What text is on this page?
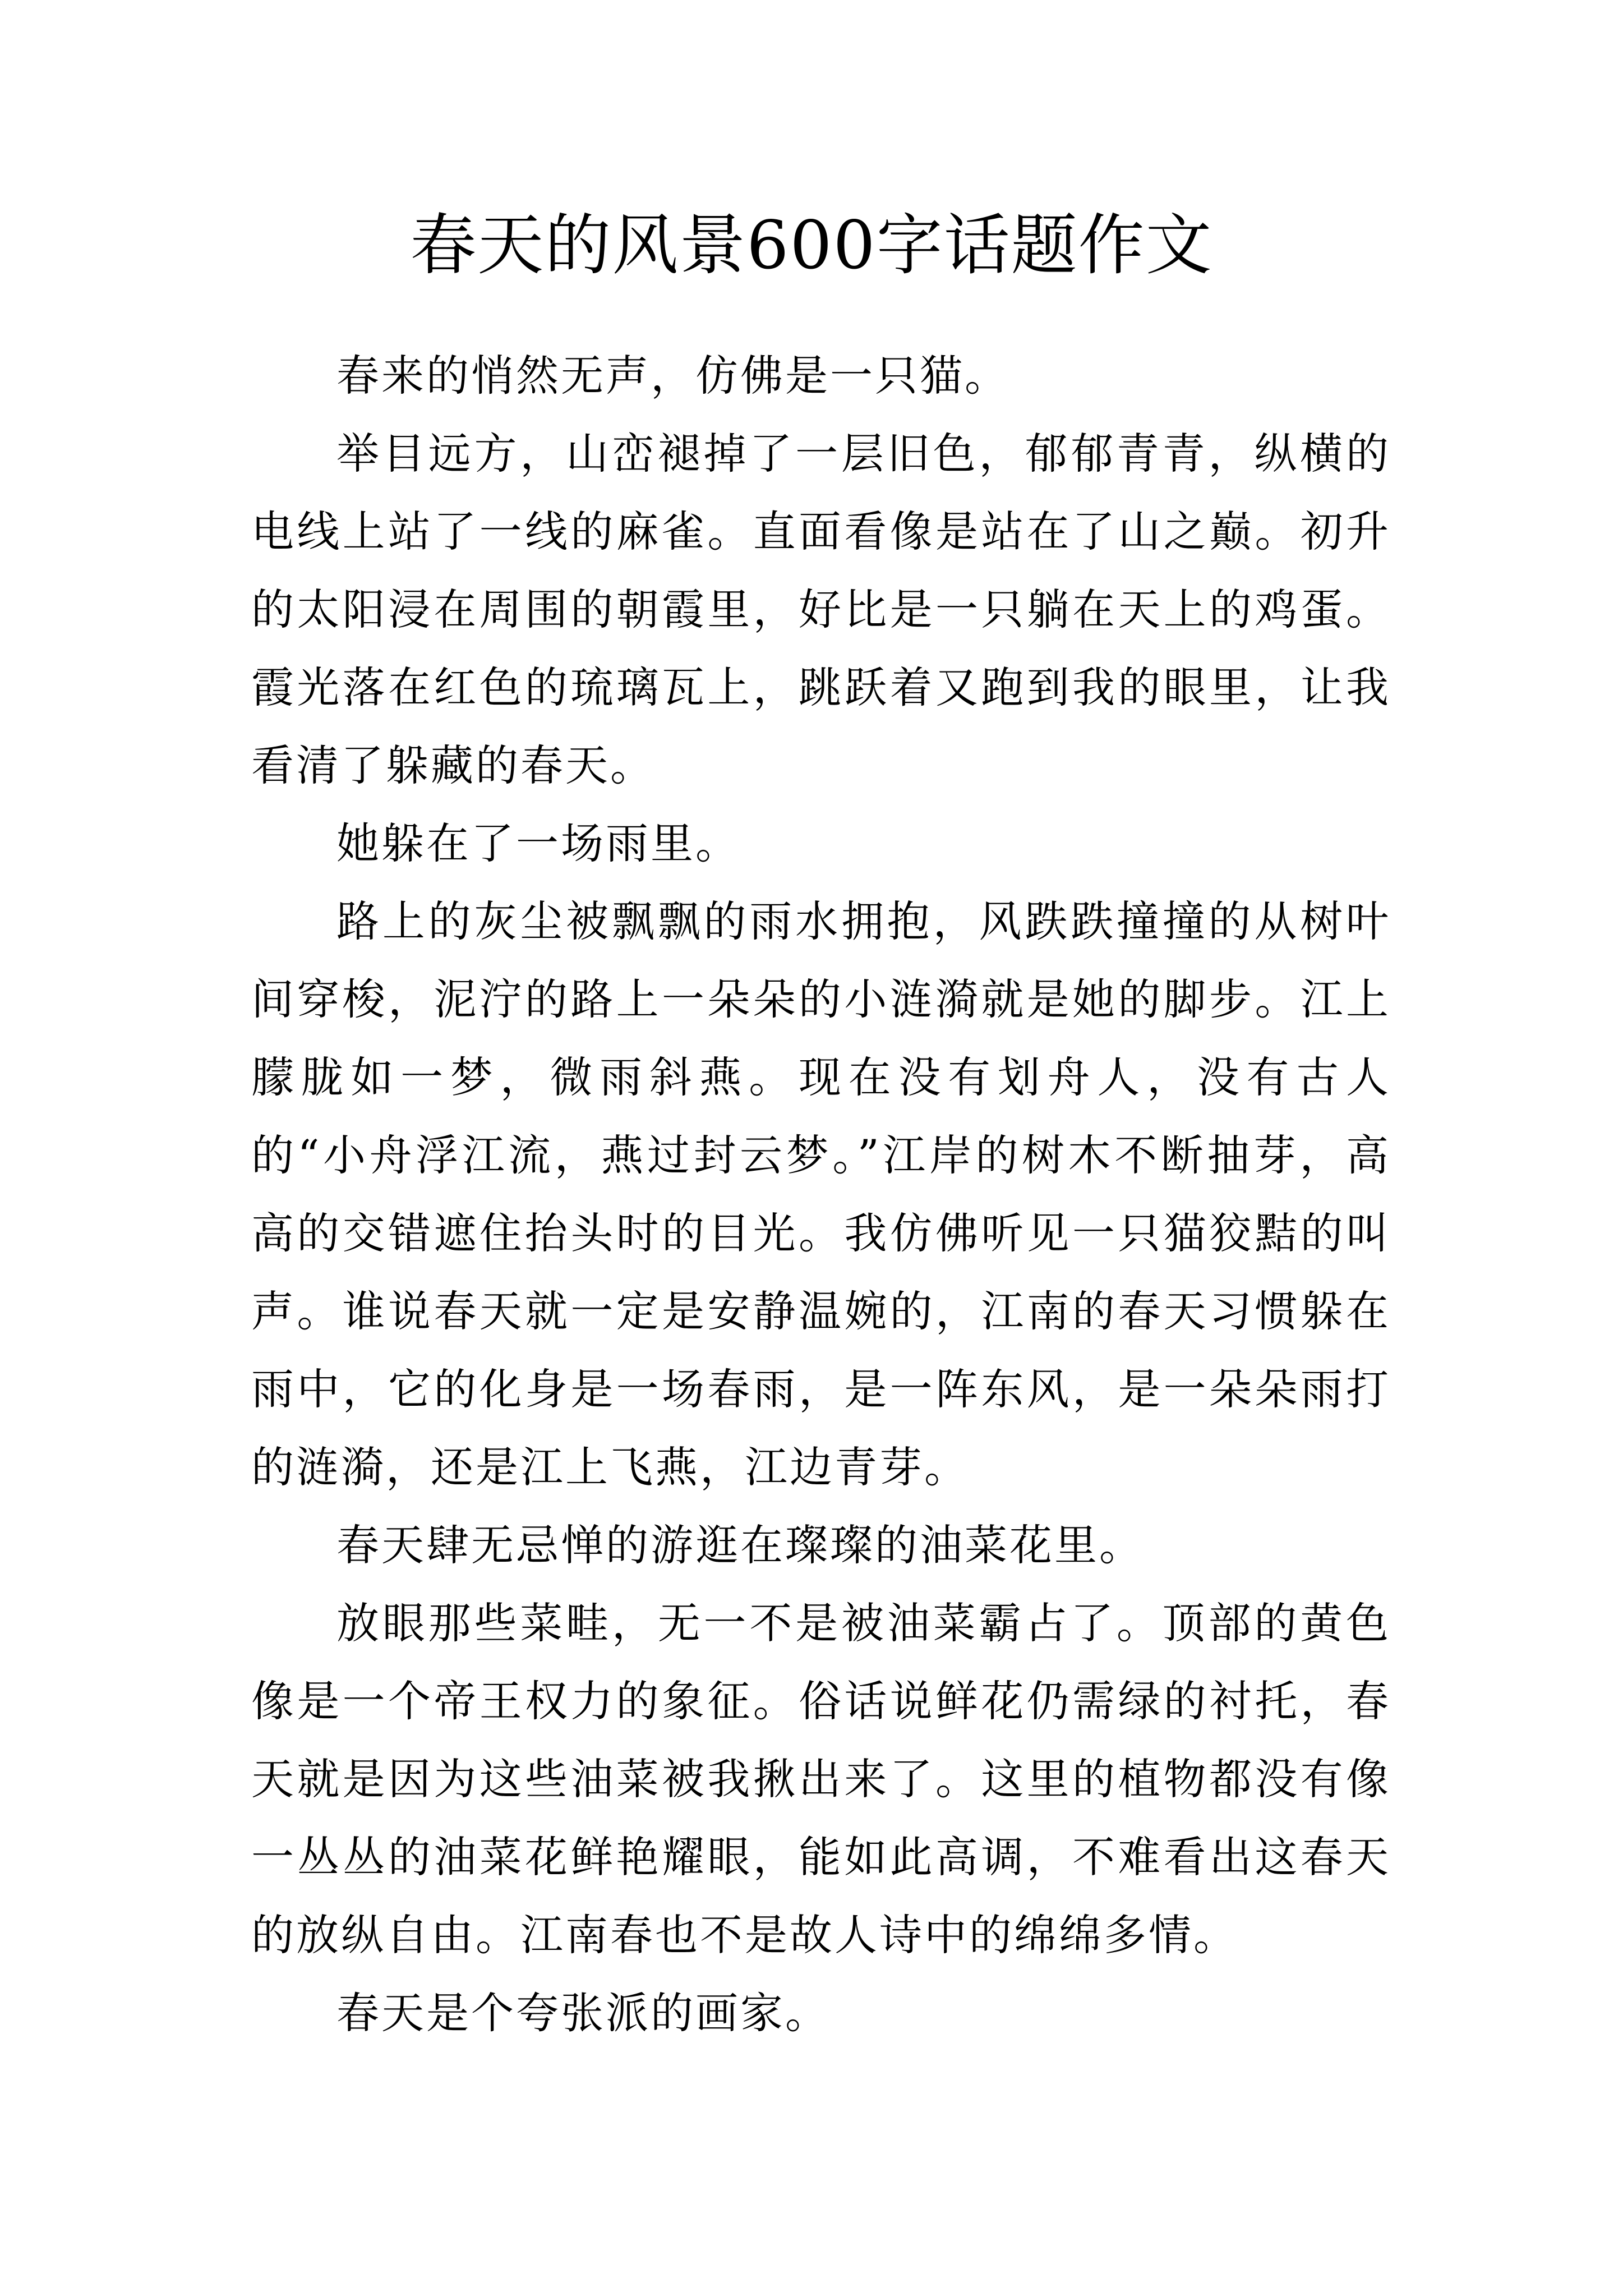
春天的风景600字话题作文

春来的悄然无声，仿佛是一只猫。

举目远方，山峦褪掉了一层旧色，郁郁青青，纵横的电线上站了一线的麻雀。直面看像是站在了山之巅。初升的太阳浸在周围的朝霞里，好比是一只躺在天上的鸡蛋。霞光落在红色的琉璃瓦上，跳跃着又跑到我的眼里，让我看清了躲藏的春天。

她躲在了一场雨里。

路上的灰尘被飘飘的雨水拥抱，风跌跌撞撞的从树叶间穿梭，泥泞的路上一朵朵的小涟漪就是她的脚步。江上朦胧如一梦，微雨斜燕。现在没有划舟人，没有古人的“小舟浮江流，燕过封云梦。”江岸的树木不断抽芽，高高的交错遮住抬头时的目光。我仿佛听见一只猫狡黠的叫声。谁说春天就一定是安静温婉的，江南的春天习惯躲在雨中，它的化身是一场春雨，是一阵东风，是一朵朵雨打的涟漪，还是江上飞燕，江边青芽。

春天肆无忌惮的游逛在璨璨的油菜花里。

放眼那些菜畦，无一不是被油菜霸占了。顶部的黄色像是一个帝王权力的象征。俗话说鲜花仍需绿的衬托，春天就是因为这些油菜被我揪出来了。这里的植物都没有像一丛丛的油菜花鲜艳耀眼，能如此高调，不难看出这春天的放纵自由。江南春也不是故人诗中的绵绵多情。

春天是个夸张派的画家。
